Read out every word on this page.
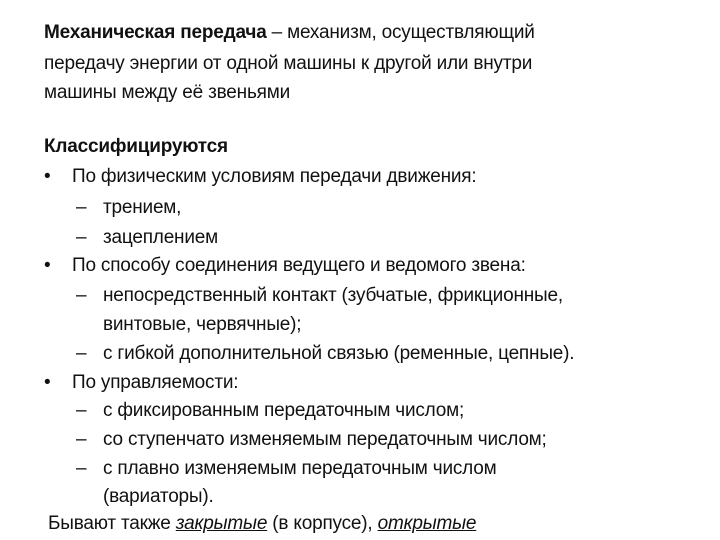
Механическая передача – механизм, осуществляющий
передачу энергии от одной машины к другой или внутри
машины между её звеньями
Классифицируются
• По физическим условиям передачи движения:
– трением,
– зацеплением
• По способу соединения ведущего и ведомого звена:
– непосредственный контакт (зубчатые, фрикционные,
винтовые, червячные);
– с гибкой дополнительной связью (ременные, цепные).
• По управляемости:
– с фиксированным передаточным числом;
– со ступенчато изменяемым передаточным числом;
– с плавно изменяемым передаточным числом
(вариаторы).
Бывают также закрытые (в корпусе), открытые
